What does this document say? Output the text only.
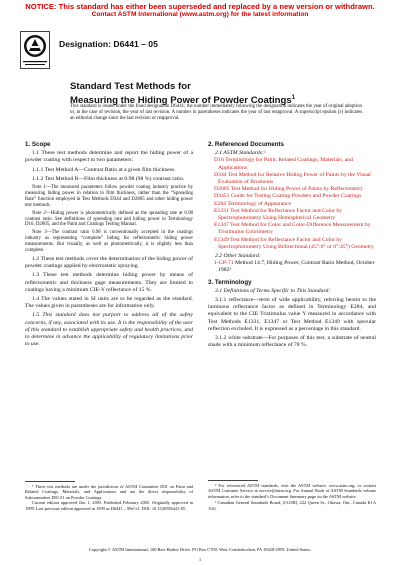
NOTICE: This standard has either been superseded and replaced by a new version or withdrawn.
Contact ASTM International (www.astm.org) for the latest information
Designation: D6441 – 05
Standard Test Methods for
Measuring the Hiding Power of Powder Coatings$^1$
This standard is issued under the fixed designation D6441; the number immediately following the designation indicates the year of original adoption or, in the case of revision, the year of last revision. A number in parentheses indicates the year of last reapproval. A superscript epsilon (ε) indicates an editorial change since the last revision or reapproval.
1. Scope

1.1 These test methods determine and report the hiding power of a powder coating with respect to two parameters:

1.1.1 Test Method A—Contrast Ratio at a given film thickness.

1.1.2 Test Method B—Film thickness at 0.98 (98 %) contrast ratio.

Note 1—The measured parameters follow powder coating industry practice by measuring hiding power in relation to film thickness, rather than the “Spreading Rate” function employed in Test Methods D344 and D2805 and other hiding power test methods.

Note 2—Hiding power is photometrically defined as the spreading rate at 0.98 contrast ratio. See definitions of spreading rate and hiding power in Terminology D16, D2805, and the Paint and Coatings Testing Manual.

Note 3—The contrast ratio 0.98 is conventionally accepted in the coatings industry as representing “complete” hiding for reflectometric hiding power measurements. But visually, as well as photometrically, it is slightly less than complete.

1.2 These test methods cover the determination of the hiding power of powder coatings applied by electrostatic spraying.

1.3 These test methods determine hiding power by means of reflectometric and thickness gage measurements. They are limited to coatings having a minimum CIE-Y reflectance of 15 %.

1.4 The values stated in SI units are to be regarded as the standard. The values given in parentheses are for information only.

1.5 This standard does not purport to address all of the safety concerns, if any, associated with its use. It is the responsibility of the user of this standard to establish appropriate safety and health practices, and to determine in advance the applicability of regulatory limitations prior to use.

¹ These test methods are under the jurisdiction of ASTM Committee D01 on Paint and Related Coatings, Materials, and Applications and are the direct responsibility of Subcommittee D01.51 on Powder Coatings.

Current edition approved Jan. 1, 2005. Published February 2005. Originally approved in 1999. Last previous edition approved in 1999 as D6441 – 99a^ε1. DOI: 10.1520/D6441-05.

2. Referenced Documents

2.1 ASTM Standards:²

D16 Terminology for Paint, Related Coatings, Materials, and Applications

D344 Test Method for Relative Hiding Power of Paints by the Visual Evaluation of Brushouts

D2805 Test Method for Hiding Power of Paints by Reflectometry

D3451 Guide for Testing Coating Powders and Powder Coatings

E284 Terminology of Appearance

E1331 Test Method for Reflectance Factor and Color by Spectrophotometry Using Hemispherical Geometry

E1347 Test Method for Color and Color-Difference Measurement by Tristimulus Colorimetry

E1349 Test Method for Reflectance Factor and Color by Spectrophotometry Using Bidirectional (45°:0° or 0°:45°) Geometry

2.2 Other Standard:

1-GP-71 Method 14.7, Hiding Power, Contrast Ratio Method, October 1982³

3. Terminology

3.1 Definitions of Terms Specific to This Standard:

3.1.1 reflectance—term of wide applicability, referring herein to the luminous reflectance factor as defined in Terminology E284, and equivalent to the CIE Tristimulus value Y measured in accordance with Test Methods E1331, E1347 or Test Method E1349 with specular reflection excluded. It is expressed as a percentage in this standard.

3.1.2 white substrate—For purposes of this test, a substrate of neutral shade with a minimum reflectance of 78 %.

² For referenced ASTM standards, visit the ASTM website, www.astm.org, or contact ASTM Customer Service at service@astm.org. For Annual Book of ASTM Standards volume information, refer to the standard’s Document Summary page on the ASTM website.

³ Canadian General Standards Board, (CGSB), 222 Queen St., Ottawa, Ont., Canada K1A 1G6.

Copyright © ASTM International, 100 Barr Harbor Drive, PO Box C700, West Conshohocken, PA 19428-2959. United States.
1
